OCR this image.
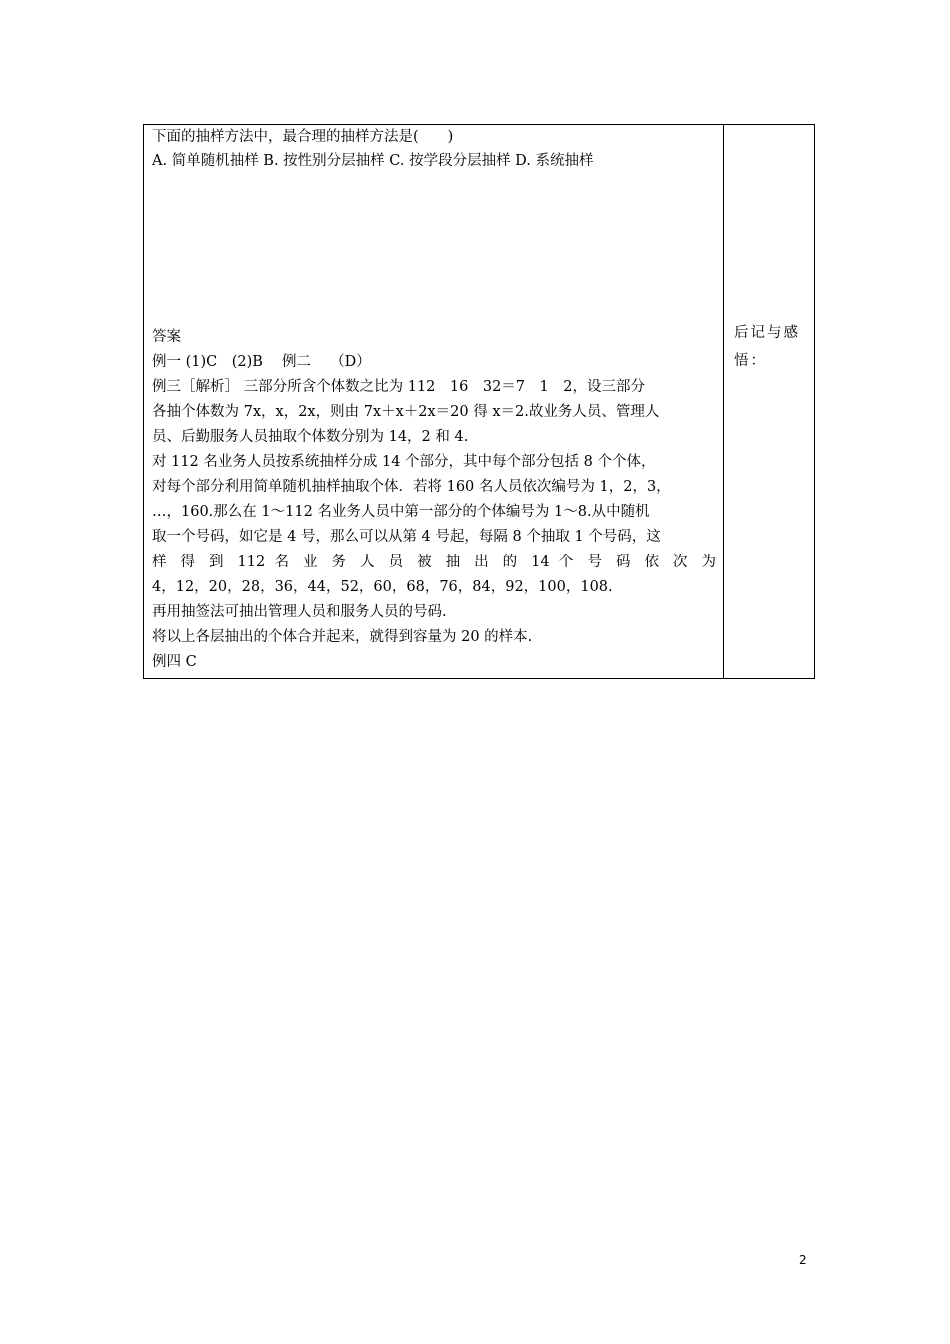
下面的抽样方法中，最合理的抽样方法是(　　)
A. 简单随机抽样 B. 按性别分层抽样 C. 按学段分层抽样 D. 系统抽样
答案
例一 (1)C　(2)B　 例二　 （D）
例三［解析］ 三部分所含个体数之比为 112　16　32＝7　1　2，设三部分
各抽个体数为 7x，x，2x，则由 7x＋x＋2x＝20 得 x＝2.故业务人员、管理人
员、后勤服务人员抽取个体数分别为 14，2 和 4.
对 112 名业务人员按系统抽样分成 14 个部分，其中每个部分包括 8 个个体，
对每个部分利用简单随机抽样抽取个体．若将 160 名人员依次编号为 1，2，3，
…，160.那么在 1～112 名业务人员中第一部分的个体编号为 1～8.从中随机
取一个号码，如它是 4 号，那么可以从第 4 号起，每隔 8 个抽取 1 个号码，这
样 得 到 112 名 业 务 人 员 被 抽 出 的 14 个 号 码 依 次 为
4，12，20，28，36，44，52，60，68，76，84，92，100，108.
再用抽签法可抽出管理人员和服务人员的号码.
将以上各层抽出的个体合并起来，就得到容量为 20 的样本.
例四 C
后记与感悟：
2
